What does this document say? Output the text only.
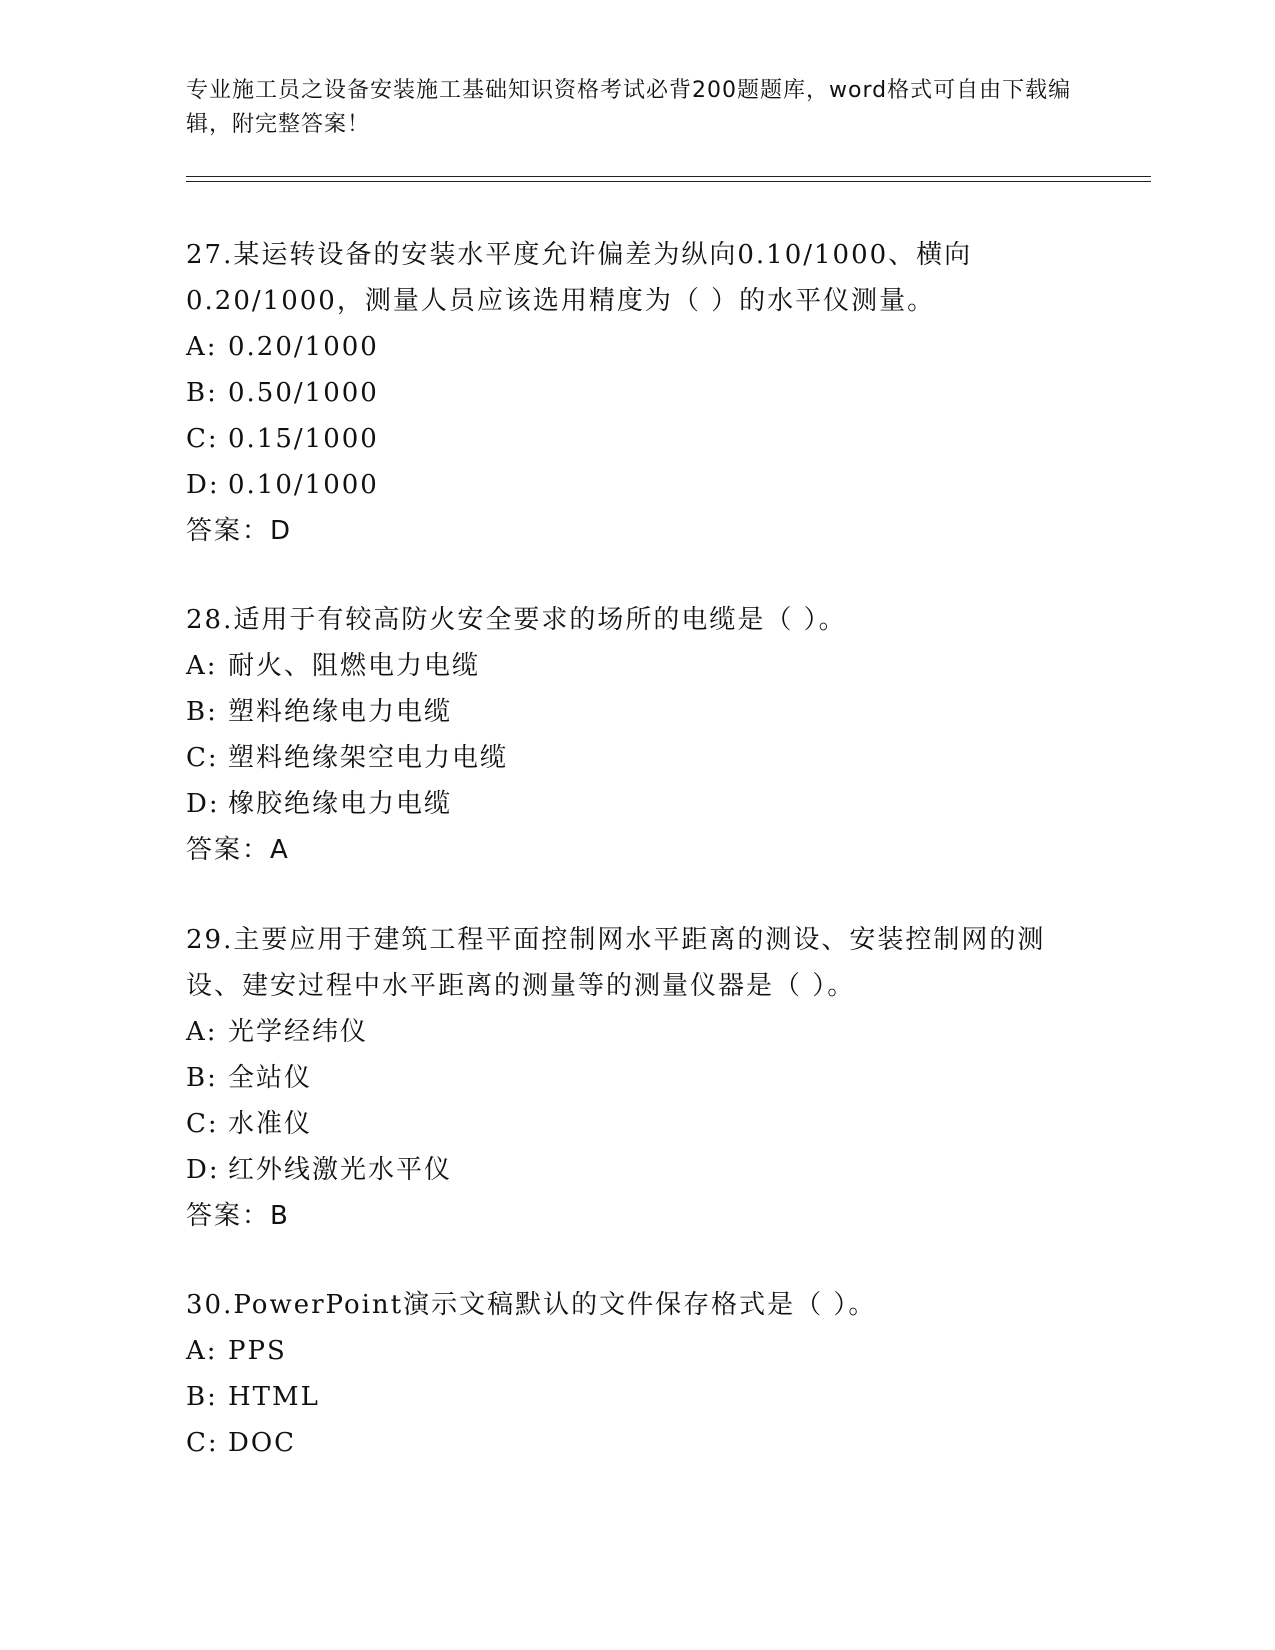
专业施工员之设备安装施工基础知识资格考试必背200题题库，word格式可自由下载编辑，附完整答案！

27.某运转设备的安装水平度允许偏差为纵向0.10/1000、横向0.20/1000，测量人员应该选用精度为（ ）的水平仪测量。

A: 0.20/1000

B: 0.50/1000

C: 0.15/1000

D: 0.10/1000

答案：D

28.适用于有较高防火安全要求的场所的电缆是（ ）。

A: 耐火、阻燃电力电缆

B: 塑料绝缘电力电缆

C: 塑料绝缘架空电力电缆

D: 橡胶绝缘电力电缆

答案：A

29.主要应用于建筑工程平面控制网水平距离的测设、安装控制网的测设、建安过程中水平距离的测量等的测量仪器是（ ）。

A: 光学经纬仪

B: 全站仪

C: 水准仪

D: 红外线激光水平仪

答案：B

30.PowerPoint演示文稿默认的文件保存格式是（ ）。

A: PPS

B: HTML

C: DOC
